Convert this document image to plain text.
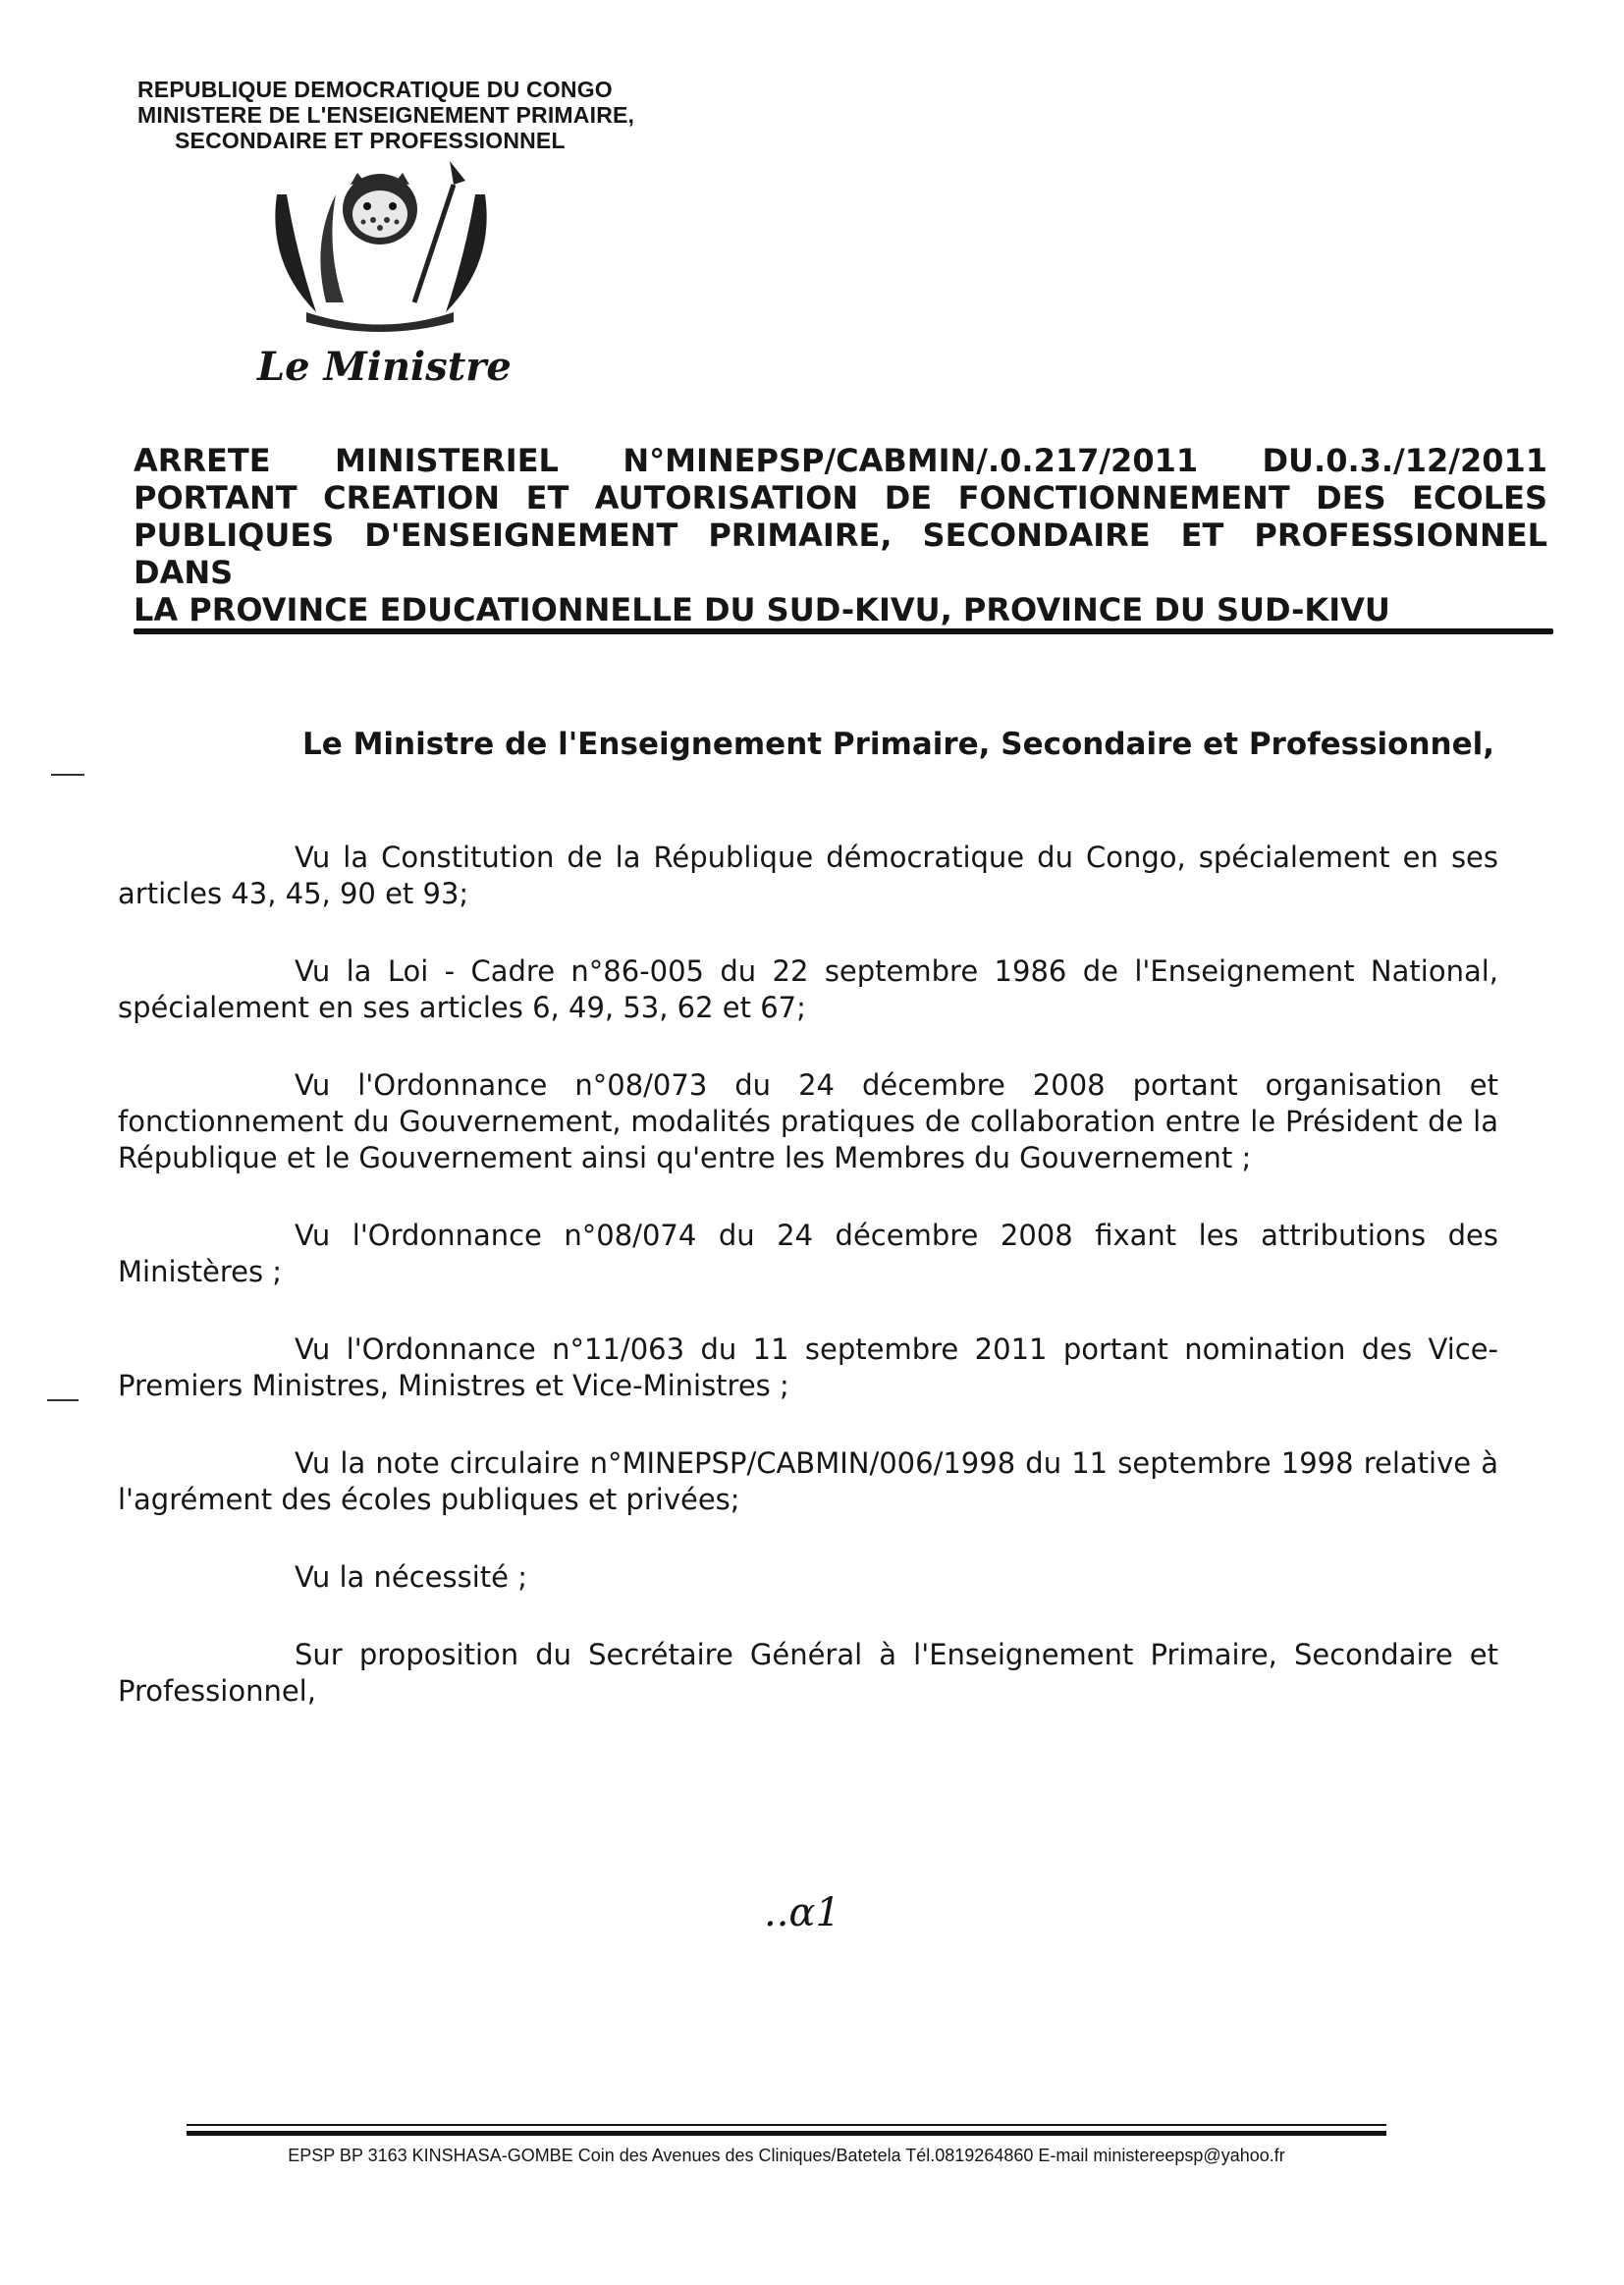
REPUBLIQUE DEMOCRATIQUE DU CONGO
MINISTERE DE L'ENSEIGNEMENT PRIMAIRE,
SECONDAIRE ET PROFESSIONNEL
Le Ministre
ARRETE MINISTERIEL N°MINEPSP/CABMIN/.0.217/2011 DU.0.3./12/2011
PORTANT CREATION ET AUTORISATION DE FONCTIONNEMENT DES ECOLES
PUBLIQUES D'ENSEIGNEMENT PRIMAIRE, SECONDAIRE ET PROFESSIONNEL DANS
LA PROVINCE EDUCATIONNELLE DU SUD-KIVU, PROVINCE DU SUD-KIVU
Le Ministre de l'Enseignement Primaire, Secondaire et Professionnel,

Vu la Constitution de la République démocratique du Congo, spécialement en ses articles 43, 45, 90 et 93;

Vu la Loi - Cadre n°86-005 du 22 septembre 1986 de l'Enseignement National, spécialement en ses articles 6, 49, 53, 62 et 67;

Vu l'Ordonnance n°08/073 du 24 décembre 2008 portant organisation et fonctionnement du Gouvernement, modalités pratiques de collaboration entre le Président de la République et le Gouvernement ainsi qu'entre les Membres du Gouvernement ;

Vu l'Ordonnance n°08/074 du 24 décembre 2008 fixant les attributions des Ministères ;

Vu l'Ordonnance n°11/063 du 11 septembre 2011 portant nomination des Vice-Premiers Ministres, Ministres et Vice-Ministres ;

Vu la note circulaire n°MINEPSP/CABMIN/006/1998 du 11 septembre 1998 relative à l'agrément des écoles publiques et privées;

Vu la nécessité ;

Sur proposition du Secrétaire Général à l'Enseignement Primaire, Secondaire et Professionnel,

..ɑ1
EPSP BP 3163 KINSHASA-GOMBE Coin des Avenues des Cliniques/Batetela Tél.0819264860 E-mail ministereepsp@yahoo.fr
